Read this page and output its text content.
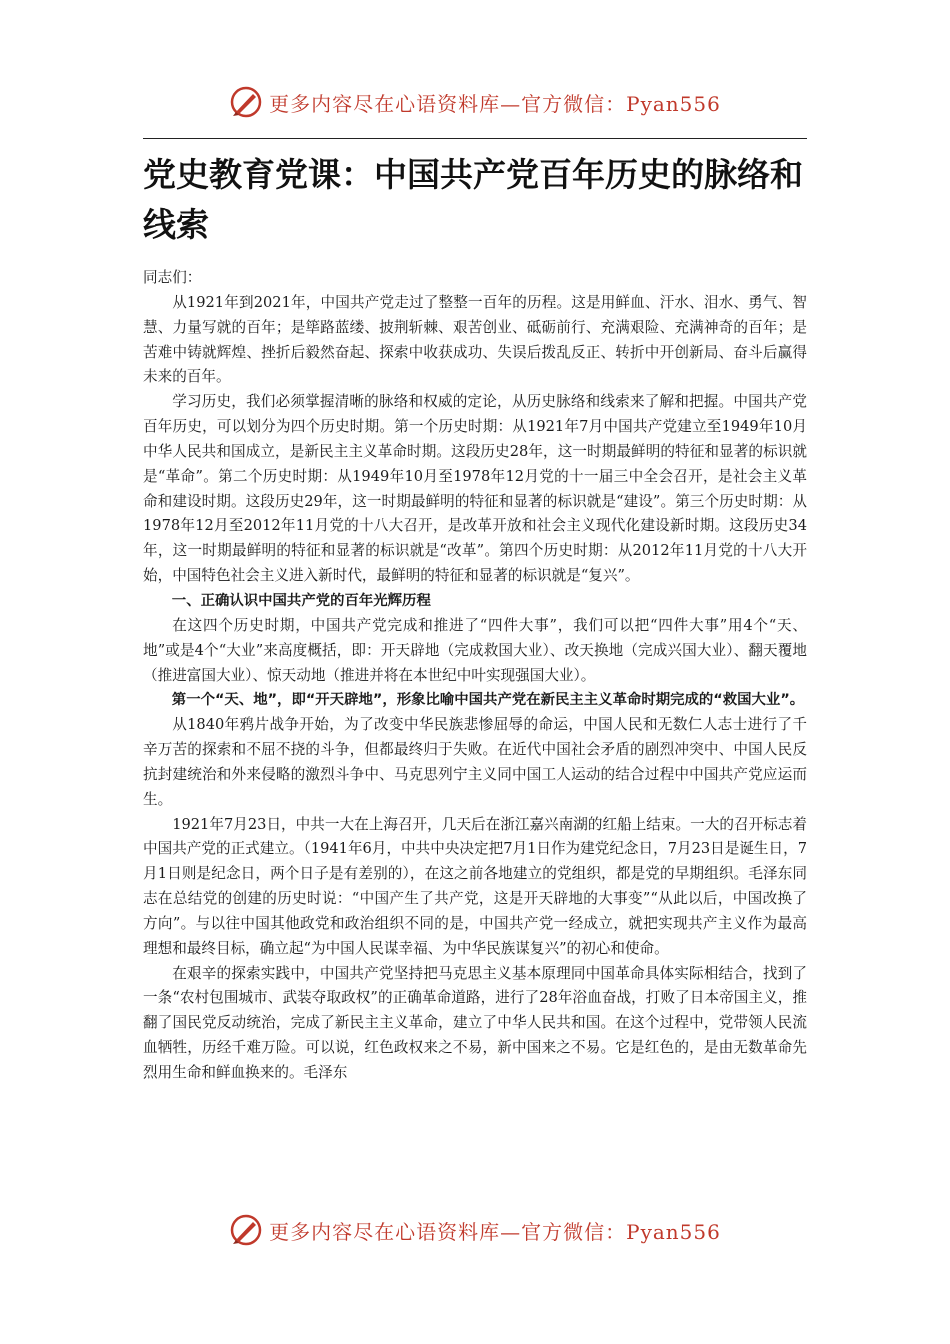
更多内容尽在心语资料库—官方微信：Pyan556
党史教育党课：中国共产党百年历史的脉络和线索

同志们：

从1921年到2021年，中国共产党走过了整整一百年的历程。这是用鲜血、汗水、泪水、勇气、智慧、力量写就的百年；是筚路蓝缕、披荆斩棘、艰苦创业、砥砺前行、充满艰险、充满神奇的百年；是苦难中铸就辉煌、挫折后毅然奋起、探索中收获成功、失误后拨乱反正、转折中开创新局、奋斗后赢得未来的百年。

学习历史，我们必须掌握清晰的脉络和权威的定论，从历史脉络和线索来了解和把握。中国共产党百年历史，可以划分为四个历史时期。第一个历史时期：从1921年7月中国共产党建立至1949年10月中华人民共和国成立，是新民主主义革命时期。这段历史28年，这一时期最鲜明的特征和显著的标识就是“革命”。第二个历史时期：从1949年10月至1978年12月党的十一届三中全会召开，是社会主义革命和建设时期。这段历史29年，这一时期最鲜明的特征和显著的标识就是“建设”。第三个历史时期：从1978年12月至2012年11月党的十八大召开，是改革开放和社会主义现代化建设新时期。这段历史34年，这一时期最鲜明的特征和显著的标识就是“改革”。第四个历史时期：从2012年11月党的十八大开始，中国特色社会主义进入新时代，最鲜明的特征和显著的标识就是“复兴”。

一、正确认识中国共产党的百年光辉历程

在这四个历史时期，中国共产党完成和推进了“四件大事”，我们可以把“四件大事”用4个“天、地”或是4个“大业”来高度概括，即：开天辟地（完成救国大业）、改天换地（完成兴国大业）、翻天覆地（推进富国大业）、惊天动地（推进并将在本世纪中叶实现强国大业）。

第一个“天、地”，即“开天辟地”，形象比喻中国共产党在新民主主义革命时期完成的“救国大业”。

从1840年鸦片战争开始，为了改变中华民族悲惨屈辱的命运，中国人民和无数仁人志士进行了千辛万苦的探索和不屈不挠的斗争，但都最终归于失败。在近代中国社会矛盾的剧烈冲突中、中国人民反抗封建统治和外来侵略的激烈斗争中、马克思列宁主义同中国工人运动的结合过程中中国共产党应运而生。

1921年7月23日，中共一大在上海召开，几天后在浙江嘉兴南湖的红船上结束。一大的召开标志着中国共产党的正式建立。（1941年6月，中共中央决定把7月1日作为建党纪念日，7月23日是诞生日，7月1日则是纪念日，两个日子是有差别的），在这之前各地建立的党组织，都是党的早期组织。毛泽东同志在总结党的创建的历史时说：“中国产生了共产党，这是开天辟地的大事变”“从此以后，中国改换了方向”。与以往中国其他政党和政治组织不同的是，中国共产党一经成立，就把实现共产主义作为最高理想和最终目标，确立起“为中国人民谋幸福、为中华民族谋复兴”的初心和使命。

在艰辛的探索实践中，中国共产党坚持把马克思主义基本原理同中国革命具体实际相结合，找到了一条“农村包围城市、武装夺取政权”的正确革命道路，进行了28年浴血奋战，打败了日本帝国主义，推翻了国民党反动统治，完成了新民主主义革命，建立了中华人民共和国。在这个过程中，党带领人民流血牺牲，历经千难万险。可以说，红色政权来之不易，新中国来之不易。它是红色的，是由无数革命先烈用生命和鲜血换来的。毛泽东

更多内容尽在心语资料库—官方微信：Pyan556
